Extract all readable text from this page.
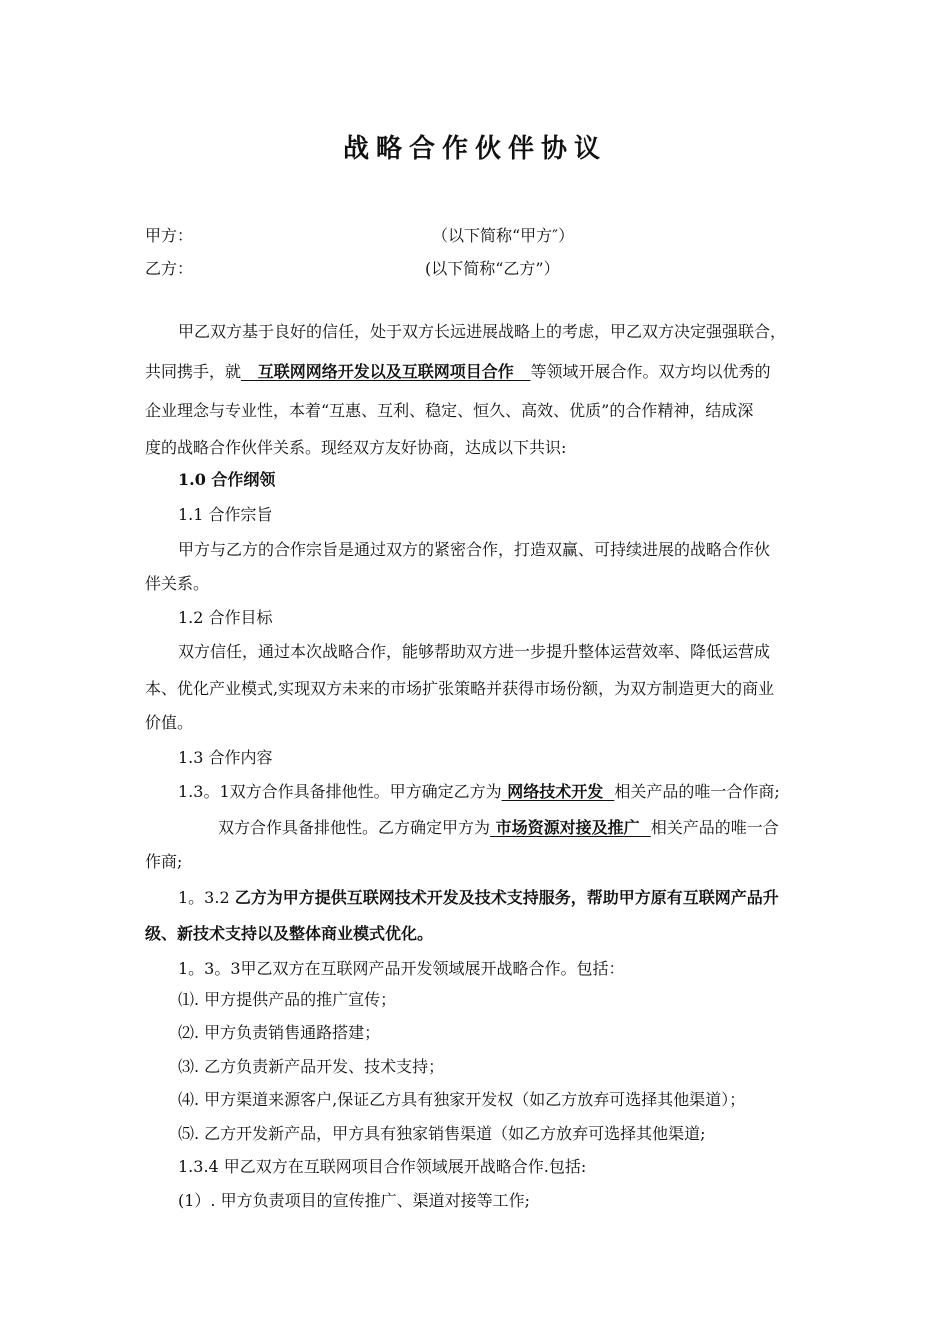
战略合作伙伴协议
甲方：	（以下简称“甲方″）
乙方：	(以下简称“乙方”）
甲乙双方基于良好的信任，处于双方长远进展战略上的考虑，甲乙双方决定强强联合，
共同携手，就   互联网网络开发以及互联网项目合作   等领域开展合作。双方均以优秀的
企业理念与专业性，本着“互惠、互利、稳定、恒久、高效、优质”的合作精神，结成深
度的战略合作伙伴关系。现经双方友好协商，达成以下共识:
1.0 合作纲领
1.1 合作宗旨
甲方与乙方的合作宗旨是通过双方的紧密合作，打造双赢、可持续进展的战略合作伙
伴关系。
1.2 合作目标
双方信任，通过本次战略合作，能够帮助双方进一步提升整体运营效率、降低运营成
本、优化产业模式,实现双方未来的市场扩张策略并获得市场份额，为双方制造更大的商业
价值。
1.3 合作内容
1.3。1双方合作具备排他性。甲方确定乙方为 网络技术开发  相关产品的唯一合作商;
双方合作具备排他性。乙方确定甲方为 市场资源对接及推广  相关产品的唯一合
作商;
1。3.2 乙方为甲方提供互联网技术开发及技术支持服务，帮助甲方原有互联网产品升
级、新技术支持以及整体商业模式优化。
1。3。3甲乙双方在互联网产品开发领域展开战略合作。包括：
⑴. 甲方提供产品的推广宣传；
⑵. 甲方负责销售通路搭建；
⑶. 乙方负责新产品开发、技术支持；
⑷. 甲方渠道来源客户,保证乙方具有独家开发权（如乙方放弃可选择其他渠道）；
⑸. 乙方开发新产品，甲方具有独家销售渠道（如乙方放弃可选择其他渠道;
1.3.4 甲乙双方在互联网项目合作领域展开战略合作.包括:
(1）. 甲方负责项目的宣传推广、渠道对接等工作;
